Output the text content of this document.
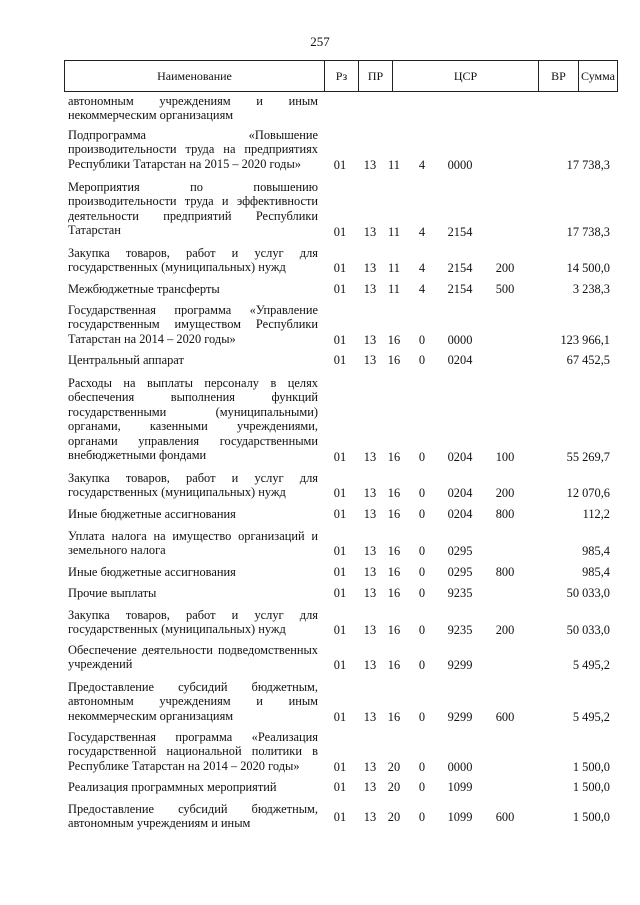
257
Наименование	Рз	ПР	ЦСР	ВР	Сумма
автономным учреждениям и иным некоммерческим организациям
Подпрограмма «Повышение производительности труда на предприятиях Республики Татарстан на 2015 – 2020 годы»	01	13 11	4	0000	17 738,3
Мероприятия по повышению производительности труда и эффективности деятельности предприятий Республики Татарстан	01	13 11	4	2154	17 738,3
Закупка товаров, работ и услуг для государственных (муниципальных) нужд	01	13 11	4	2154	200	14 500,0
Межбюджетные трансферты	01	13 11	4	2154	500	3 238,3
Государственная программа «Управление государственным имуществом Республики Татарстан на 2014 – 2020 годы»	01	13 16	0	0000	123 966,1
Центральный аппарат	01	13 16	0	0204	67 452,5
Расходы на выплаты персоналу в целях обеспечения выполнения функций государственными (муниципальными) органами, казенными учреждениями, органами управления государственными внебюджетными фондами	01	13 16	0	0204	100	55 269,7
Закупка товаров, работ и услуг для государственных (муниципальных) нужд	01	13 16	0	0204	200	12 070,6
Иные бюджетные ассигнования	01	13 16	0	0204	800	112,2
Уплата налога на имущество организаций и земельного налога	01	13 16	0	0295	985,4
Иные бюджетные ассигнования	01	13 16	0	0295	800	985,4
Прочие выплаты	01	13 16	0	9235	50 033,0
Закупка товаров, работ и услуг для государственных (муниципальных) нужд	01	13 16	0	9235	200	50 033,0
Обеспечение деятельности подведомственных учреждений	01	13 16	0	9299	5 495,2
Предоставление субсидий бюджетным, автономным учреждениям и иным некоммерческим организациям	01	13 16	0	9299	600	5 495,2
Государственная программа «Реализация государственной национальной политики в Республике Татарстан на 2014 – 2020 годы»	01	13 20	0	0000	1 500,0
Реализация программных мероприятий	01	13 20	0	1099	1 500,0
Предоставление субсидий бюджетным, автономным учреждениям и иным	01	13 20	0	1099	600	1 500,0
